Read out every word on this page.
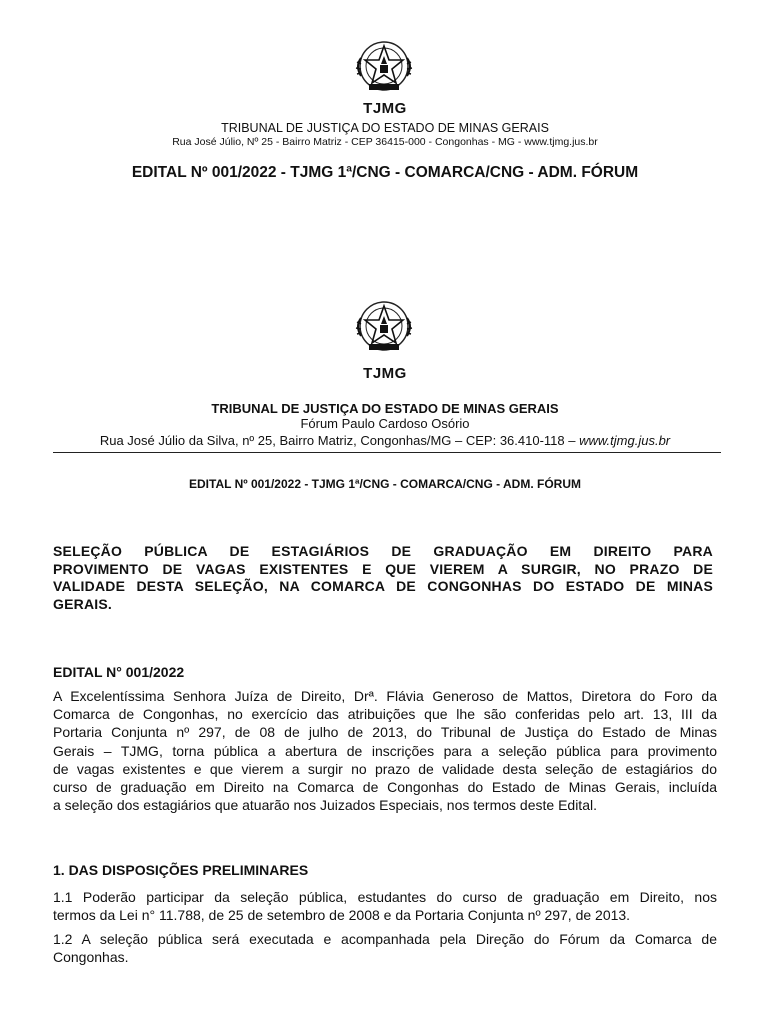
TJMG
TRIBUNAL DE JUSTIÇA DO ESTADO DE MINAS GERAIS
Rua José Júlio, Nº 25 - Bairro Matriz - CEP 36415-000 - Congonhas - MG - www.tjmg.jus.br
EDITAL Nº 001/2022 - TJMG 1ª/CNG - COMARCA/CNG - ADM. FÓRUM
TJMG
TRIBUNAL DE JUSTIÇA DO ESTADO DE MINAS GERAIS
Fórum Paulo Cardoso Osório
Rua José Júlio da Silva, nº 25, Bairro Matriz, Congonhas/MG – CEP: 36.410-118 – www.tjmg.jus.br
EDITAL Nº 001/2022 - TJMG 1ª/CNG - COMARCA/CNG - ADM. FÓRUM
SELEÇÃO PÚBLICA DE ESTAGIÁRIOS DE GRADUAÇÃO EM DIREITO PARA
PROVIMENTO DE VAGAS EXISTENTES E QUE VIEREM A SURGIR, NO PRAZO DE
VALIDADE DESTA SELEÇÃO, NA COMARCA DE CONGONHAS DO ESTADO DE MINAS
GERAIS.
EDITAL N° 001/2022
A Excelentíssima Senhora Juíza de Direito, Drª. Flávia Generoso de Mattos, Diretora do Foro da
Comarca de Congonhas, no exercício das atribuições que lhe são conferidas pelo art. 13, III da
Portaria Conjunta nº 297, de 08 de julho de 2013, do Tribunal de Justiça do Estado de Minas
Gerais – TJMG, torna pública a abertura de inscrições para a seleção pública para provimento
de vagas existentes e que vierem a surgir no prazo de validade desta seleção de estagiários do
curso de graduação em Direito na Comarca de Congonhas do Estado de Minas Gerais, incluída
a seleção dos estagiários que atuarão nos Juizados Especiais, nos termos deste Edital.
1. DAS DISPOSIÇÕES PRELIMINARES
1.1 Poderão participar da seleção pública, estudantes do curso de graduação em Direito, nos
termos da Lei n° 11.788, de 25 de setembro de 2008 e da Portaria Conjunta nº 297, de 2013.
1.2 A seleção pública será executada e acompanhada pela Direção do Fórum da Comarca de
Congonhas.
